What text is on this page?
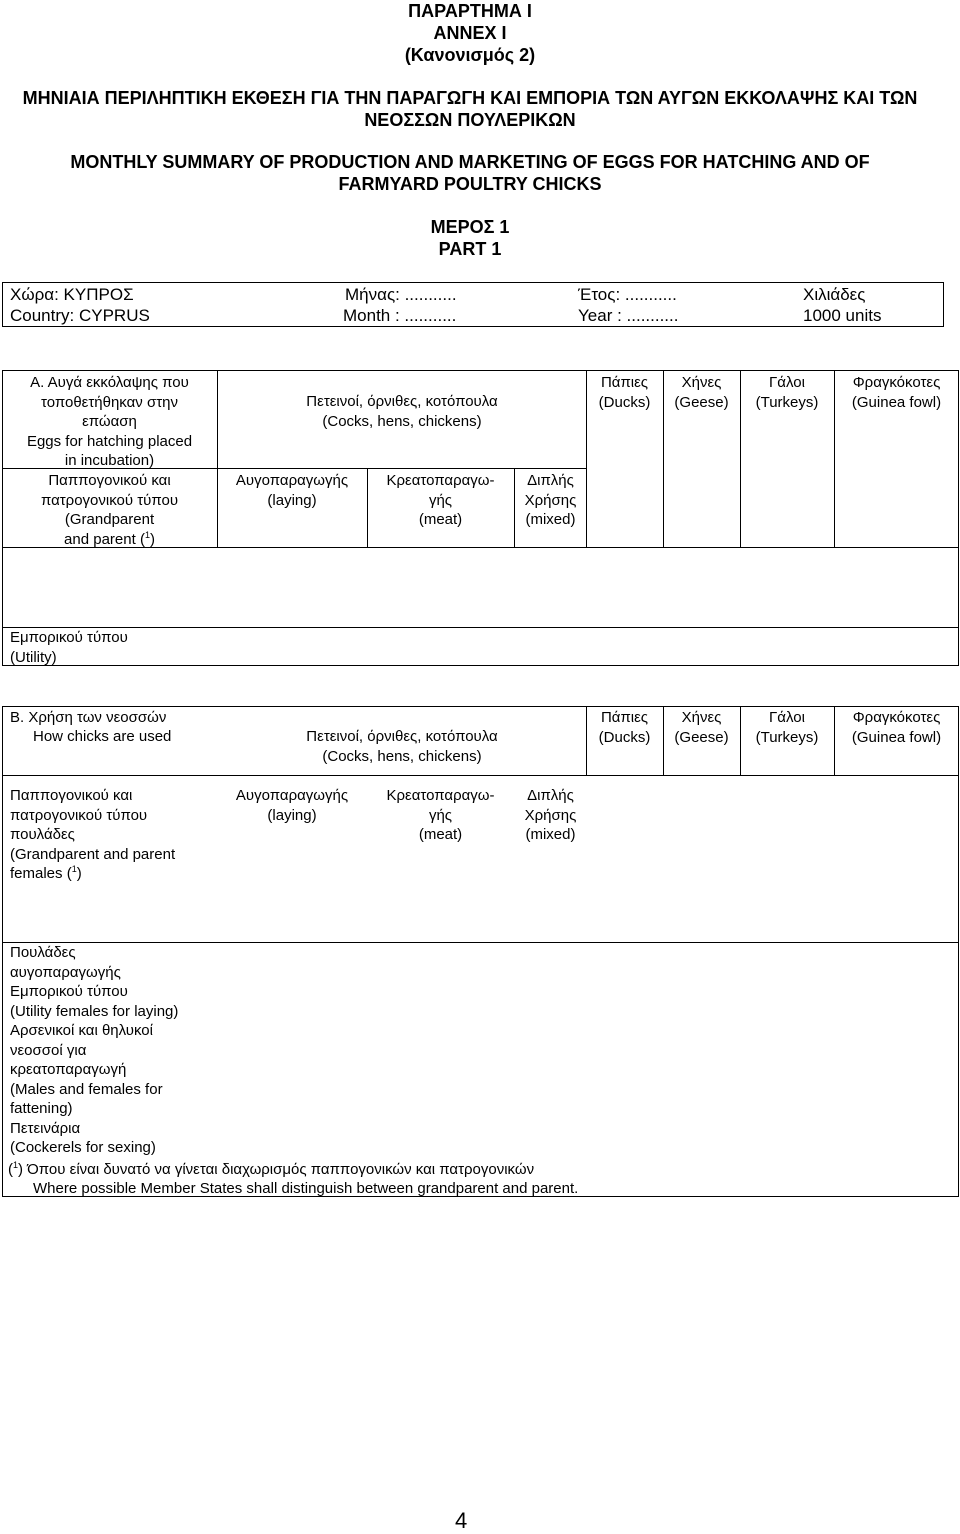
ΠΑΡΑΡΤΗΜΑ Ι
ANNEX I
(Κανονισμός 2)
ΜΗΝΙΑΙΑ ΠΕΡΙΛΗΠΤΙΚΗ ΕΚΘΕΣΗ ΓΙΑ ΤΗΝ ΠΑΡΑΓΩΓΗ ΚΑΙ ΕΜΠΟΡΙΑ ΤΩΝ ΑΥΓΩΝ ΕΚΚΟΛΑΨΗΣ ΚΑΙ ΤΩΝ ΝΕΟΣΣΩΝ ΠΟΥΛΕΡΙΚΩΝ
MONTHLY SUMMARY OF PRODUCTION AND MARKETING OF EGGS FOR HATCHING AND OF FARMYARD POULTRY CHICKS
ΜΕΡΟΣ 1
PART 1
Χώρα: ΚΥΠΡΟΣ
Country: CYPRUS
Μήνας: ...........
Month : ...........
Έτος: ...........
Year : ...........
Χιλιάδες
1000 units
Α. Αυγά εκκόλαψης που
τοποθετήθηκαν στην
επώαση
Eggs for hatching placed
in incubation)
Παππογονικού και
πατρογονικού τύπου
(Grandparent
and parent ($^1$)
Πετεινοί, όρνιθες, κοτόπουλα
(Cocks, hens, chickens)
Αυγοπαραγωγής
(laying)
Κρεατοπαραγω-
γής
(meat)
Διπλής
Χρήσης
(mixed)
Πάπιες
(Ducks)
Χήνες
(Geese)
Γάλοι
(Turkeys)
Φραγκόκοτες
(Guinea fowl)
Εμπορικού τύπου
(Utility)
Β. Χρήση των νεοσσών
How chicks are used	Πετεινοί, όρνιθες, κοτόπουλα
(Cocks, hens, chickens)
Πάπιες
(Ducks)
Χήνες
(Geese)
Γάλοι
(Turkeys)
Φραγκόκοτες
(Guinea fowl)
Παππογονικού και
πατρογονικού τύπου
πουλάδες
(Grandparent and parent
females ($^1$)
Αυγοπαραγωγής
(laying)
Κρεατοπαραγω-
γής
(meat)
Διπλής
Χρήσης
(mixed)
Πουλάδες
αυγοπαραγωγής
Εμπορικού τύπου
(Utility females for laying)
Αρσενικοί και θηλυκοί
νεοσσοί για
κρεατοπαραγωγή
(Males and females for
fattening)
Πετεινάρια
(Cockerels for sexing)
($^1$) Όπου είναι δυνατό να γίνεται διαχωρισμός παππογονικών και πατρογονικών
Where possible Member States shall distinguish between grandparent and parent.
4
